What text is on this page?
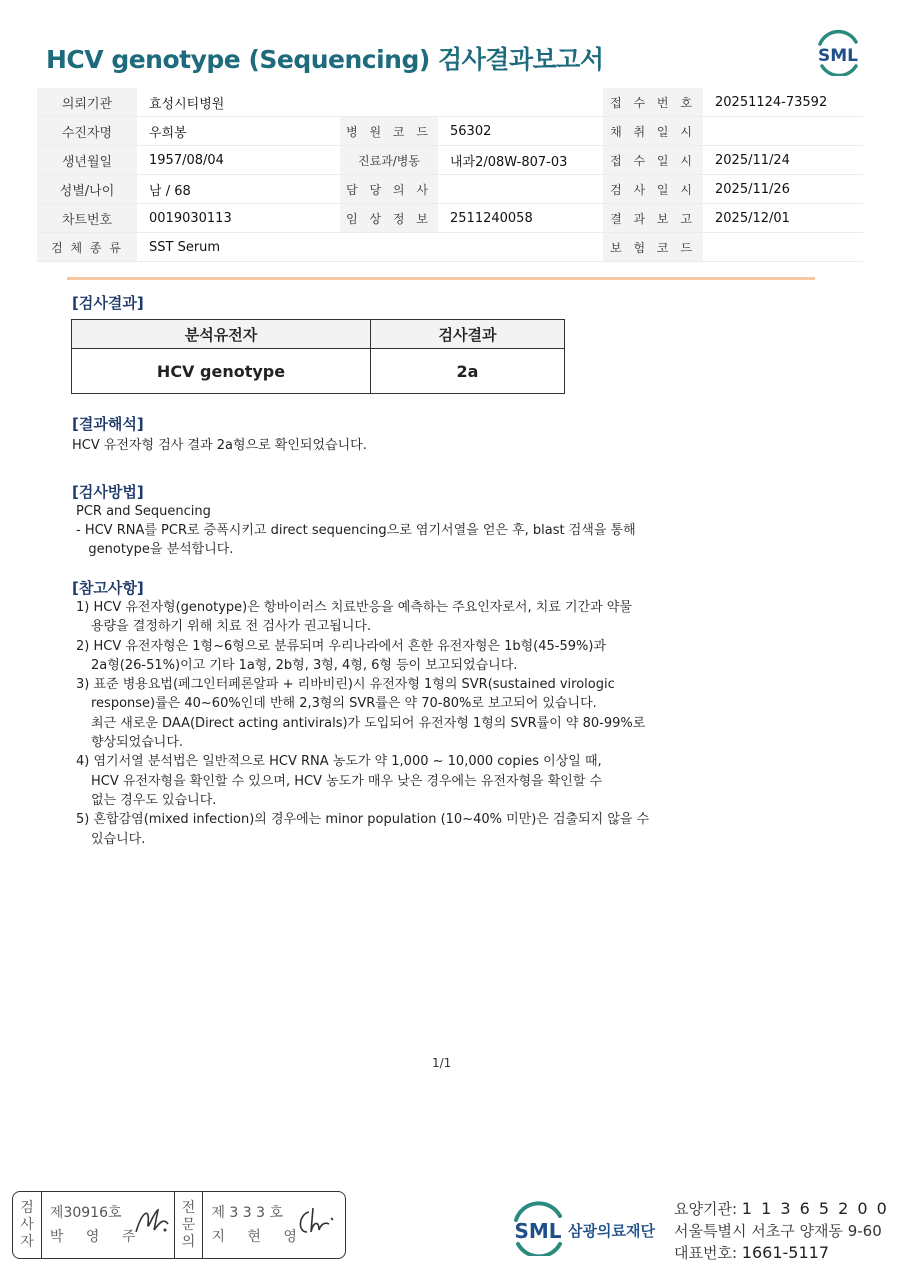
HCV genotype (Sequencing) 검사결과보고서	SML
의뢰기관	효성시티병원			접 수 번 호	20251124-73592
수진자명	우희봉	병 원 코 드	56302	채 취 일 시	
생년월일	1957/08/04	진료과/병동	내과2/08W-807-03	접 수 일 시	2025/11/24
성별/나이	남 / 68	담 당 의 사		검 사 일 시	2025/11/26
차트번호	0019030113	임 상 정 보	2511240058	결 과 보 고	2025/12/01
검 체 종 류	SST Serum			보 험 코 드	
[검사결과]
분석유전자	검사결과
HCV genotype	2a
[결과해석]
HCV 유전자형 검사 결과 2a형으로 확인되었습니다.
[검사방법]
PCR and Sequencing
- HCV RNA를 PCR로 증폭시키고 direct sequencing으로 염기서열을 얻은 후, blast 검색을 통해
genotype을 분석합니다.
[참고사항]
1) HCV 유전자형(genotype)은 항바이러스 치료반응을 예측하는 주요인자로서, 치료 기간과 약물
용량을 결정하기 위해 치료 전 검사가 권고됩니다.
2) HCV 유전자형은 1형~6형으로 분류되며 우리나라에서 흔한 유전자형은 1b형(45-59%)과
2a형(26-51%)이고 기타 1a형, 2b형, 3형, 4형, 6형 등이 보고되었습니다.
3) 표준 병용요법(페그인터페론알파 + 리바비린)시 유전자형 1형의 SVR(sustained virologic
response)률은 40~60%인데 반해 2,3형의 SVR률은 약 70-80%로 보고되어 있습니다.
최근 새로운 DAA(Direct acting antivirals)가 도입되어 유전자형 1형의 SVR률이 약 80-99%로
향상되었습니다.
4) 염기서열 분석법은 일반적으로 HCV RNA 농도가 약 1,000 ~ 10,000 copies 이상일 때,
HCV 유전자형을 확인할 수 있으며, HCV 농도가 매우 낮은 경우에는 유전자형을 확인할 수
없는 경우도 있습니다.
5) 혼합감염(mixed infection)의 경우에는 minor population (10~40% 미만)은 검출되지 않을 수
있습니다.
1/1
검
사
자
제30916호
박 영 주
전
문
의
제 3 3 3 호
지 현 영	SML 삼광의료재단
요양기관: 1 1 3 6 5 2 0 0
서울특별시 서초구 양재동 9-60
대표번호: 1661-5117
